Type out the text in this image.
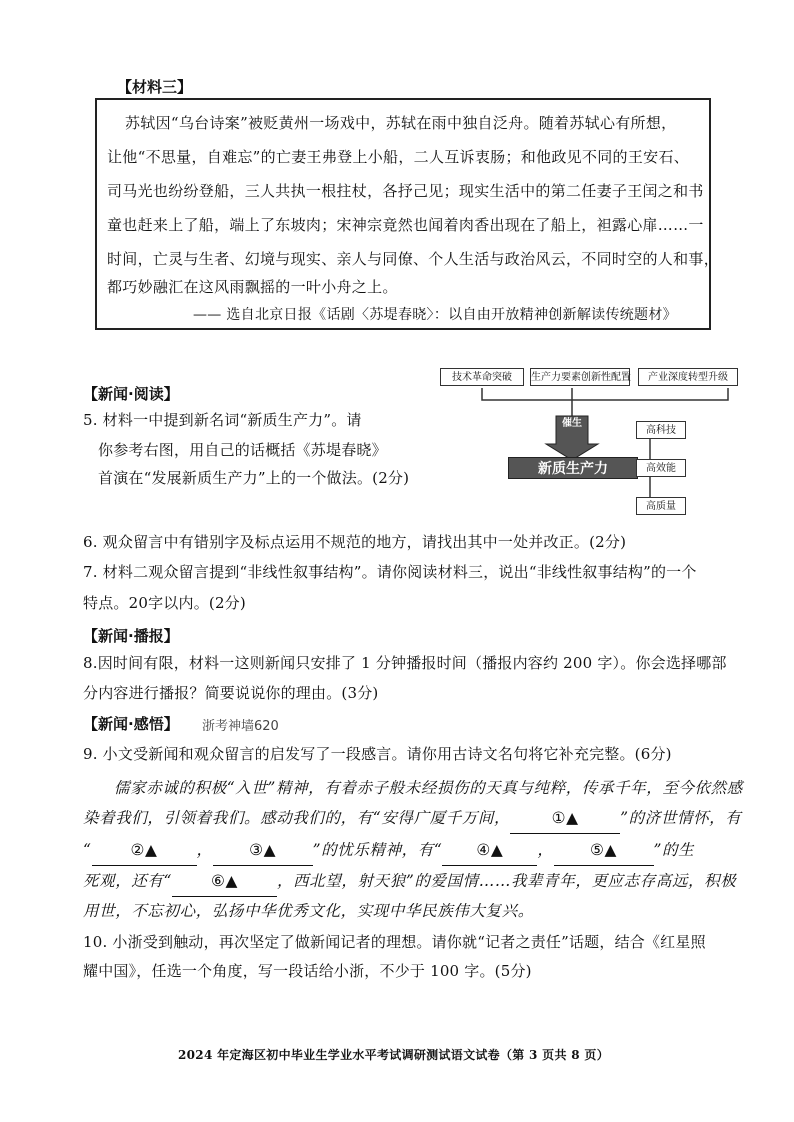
【材料三】
苏轼因“乌台诗案”被贬黄州一场戏中，苏轼在雨中独自泛舟。随着苏轼心有所想，
让他“不思量，自难忘”的亡妻王弗登上小船，二人互诉衷肠；和他政见不同的王安石、
司马光也纷纷登船，三人共执一根拄杖，各抒己见；现实生活中的第二任妻子王闰之和书
童也赶来上了船，端上了东坡肉；宋神宗竟然也闻着肉香出现在了船上，袒露心扉……一
时间，亡灵与生者、幻境与现实、亲人与同僚、个人生活与政治风云，不同时空的人和事，
都巧妙融汇在这风雨飘摇的一叶小舟之上。
—— 选自北京日报《话剧〈苏堤春晓〉：以自由开放精神创新解读传统题材》
技术革命突破	生产力要素创新性配置	产业深度转型升级
催生
新质生产力
高科技
高效能
高质量
【新闻·阅读】
5. 材料一中提到新名词“新质生产力”。请
你参考右图，用自己的话概括《苏堤春晓》
首演在“发展新质生产力”上的一个做法。(2分)
6. 观众留言中有错别字及标点运用不规范的地方，请找出其中一处并改正。(2分)
7. 材料二观众留言提到“非线性叙事结构”。请你阅读材料三，说出“非线性叙事结构”的一个
特点。20字以内。(2分)
【新闻·播报】
8.因时间有限，材料一这则新闻只安排了 1 分钟播报时间（播报内容约 200 字）。你会选择哪部
分内容进行播报？简要说说你的理由。(3分)
【新闻·感悟】 浙考神墙620
9. 小文受新闻和观众留言的启发写了一段感言。请你用古诗文名句将它补充完整。(6分)
儒家赤诚的积极“入世”精神，有着赤子般未经损伤的天真与纯粹，传承千年，至今依然感
染着我们，引领着我们。感动我们的，有“安得广厦千万间，	①▲	”的济世情怀，有
“	②▲	， ③▲ ”的忧乐精神，有“ ④▲ ， ⑤▲ ”的生
死观，还有“	⑥▲	，西北望，射天狼”的爱国情……我辈青年，更应志存高远，积极
用世，不忘初心，弘扬中华优秀文化，实现中华民族伟大复兴。
10. 小浙受到触动，再次坚定了做新闻记者的理想。请你就“记者之责任”话题，结合《红星照
耀中国》，任选一个角度，写一段话给小浙，不少于 100 字。(5分)
2024 年定海区初中毕业生学业水平考试调研测试语文试卷（第 3 页共 8 页）
